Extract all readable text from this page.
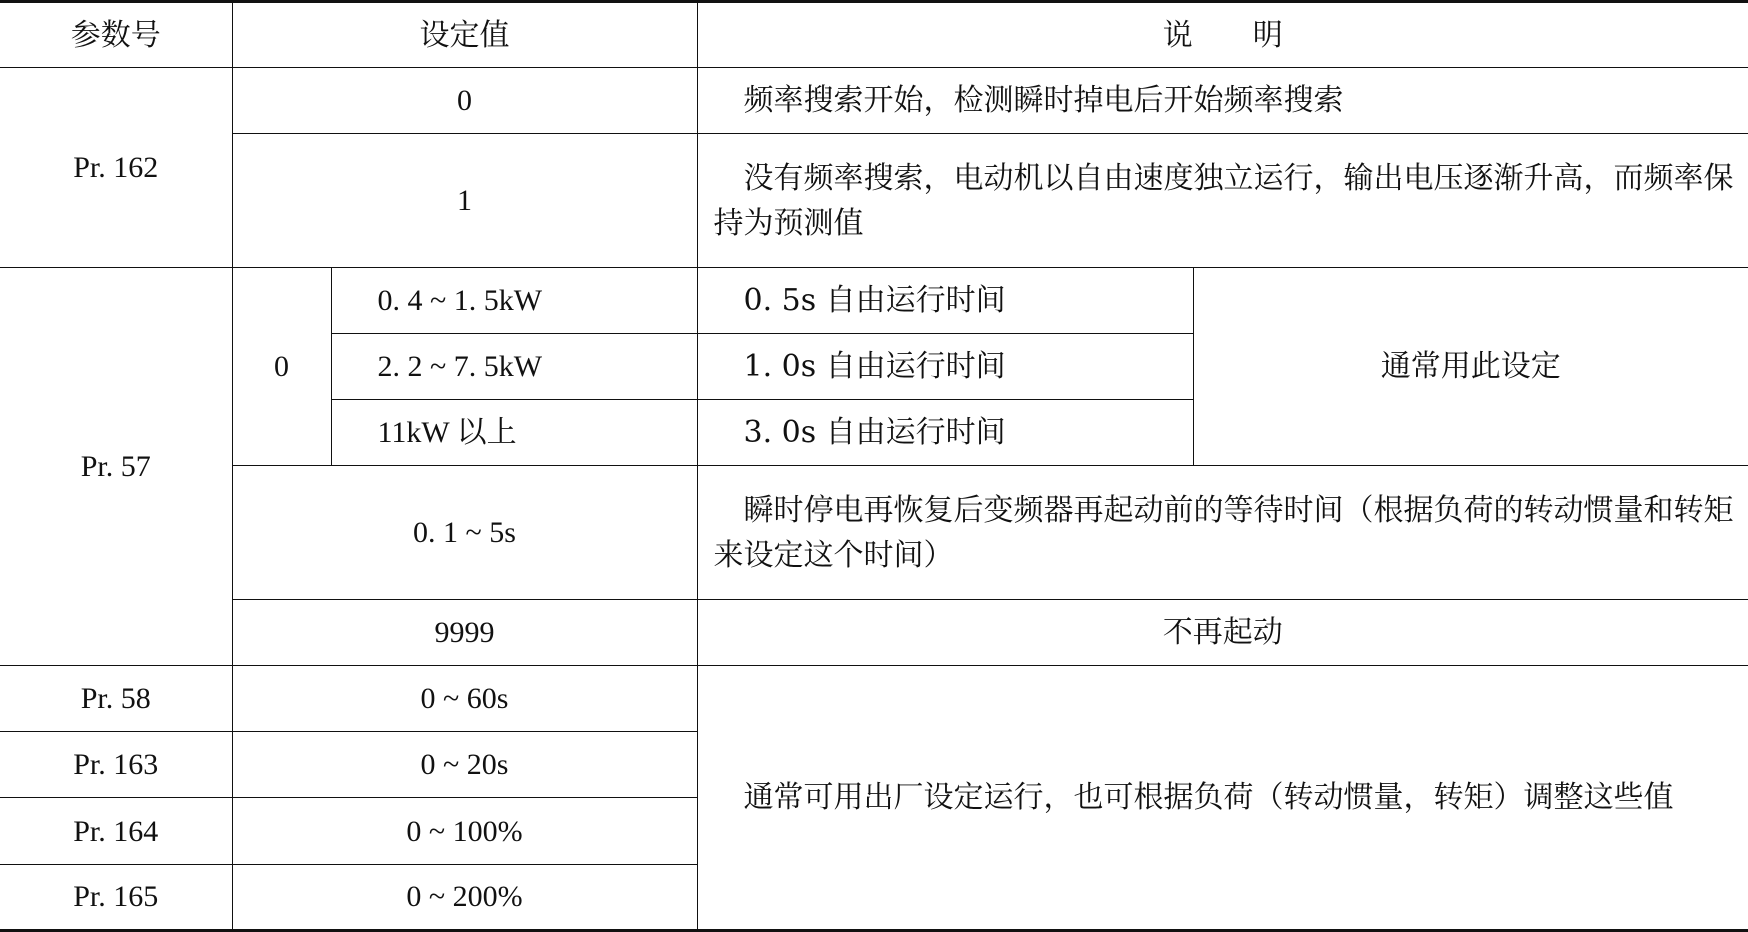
参数号	设定值		说　　明	
Pr. 162	0		频率搜索开始，检测瞬时掉电后开始频率搜索	
	1		没有频率搜索，电动机以自由速度独立运行，输出电压逐渐升高，而频率保持为预测值	
Pr. 57	0	0. 4 ~ 1. 5kW	0. 5s 自由运行时间	通常用此设定
		2. 2 ~ 7. 5kW	1. 0s 自由运行时间	
		11kW 以上	3. 0s 自由运行时间	
	0. 1 ~ 5s		瞬时停电再恢复后变频器再起动前的等待时间（根据负荷的转动惯量和转矩来设定这个时间）	
	9999		不再起动	
Pr. 58	0 ~ 60s		通常可用出厂设定运行，也可根据负荷（转动惯量，转矩）调整这些值	
Pr. 163	0 ~ 20s			
Pr. 164	0 ~ 100%			
Pr. 165	0 ~ 200%			
